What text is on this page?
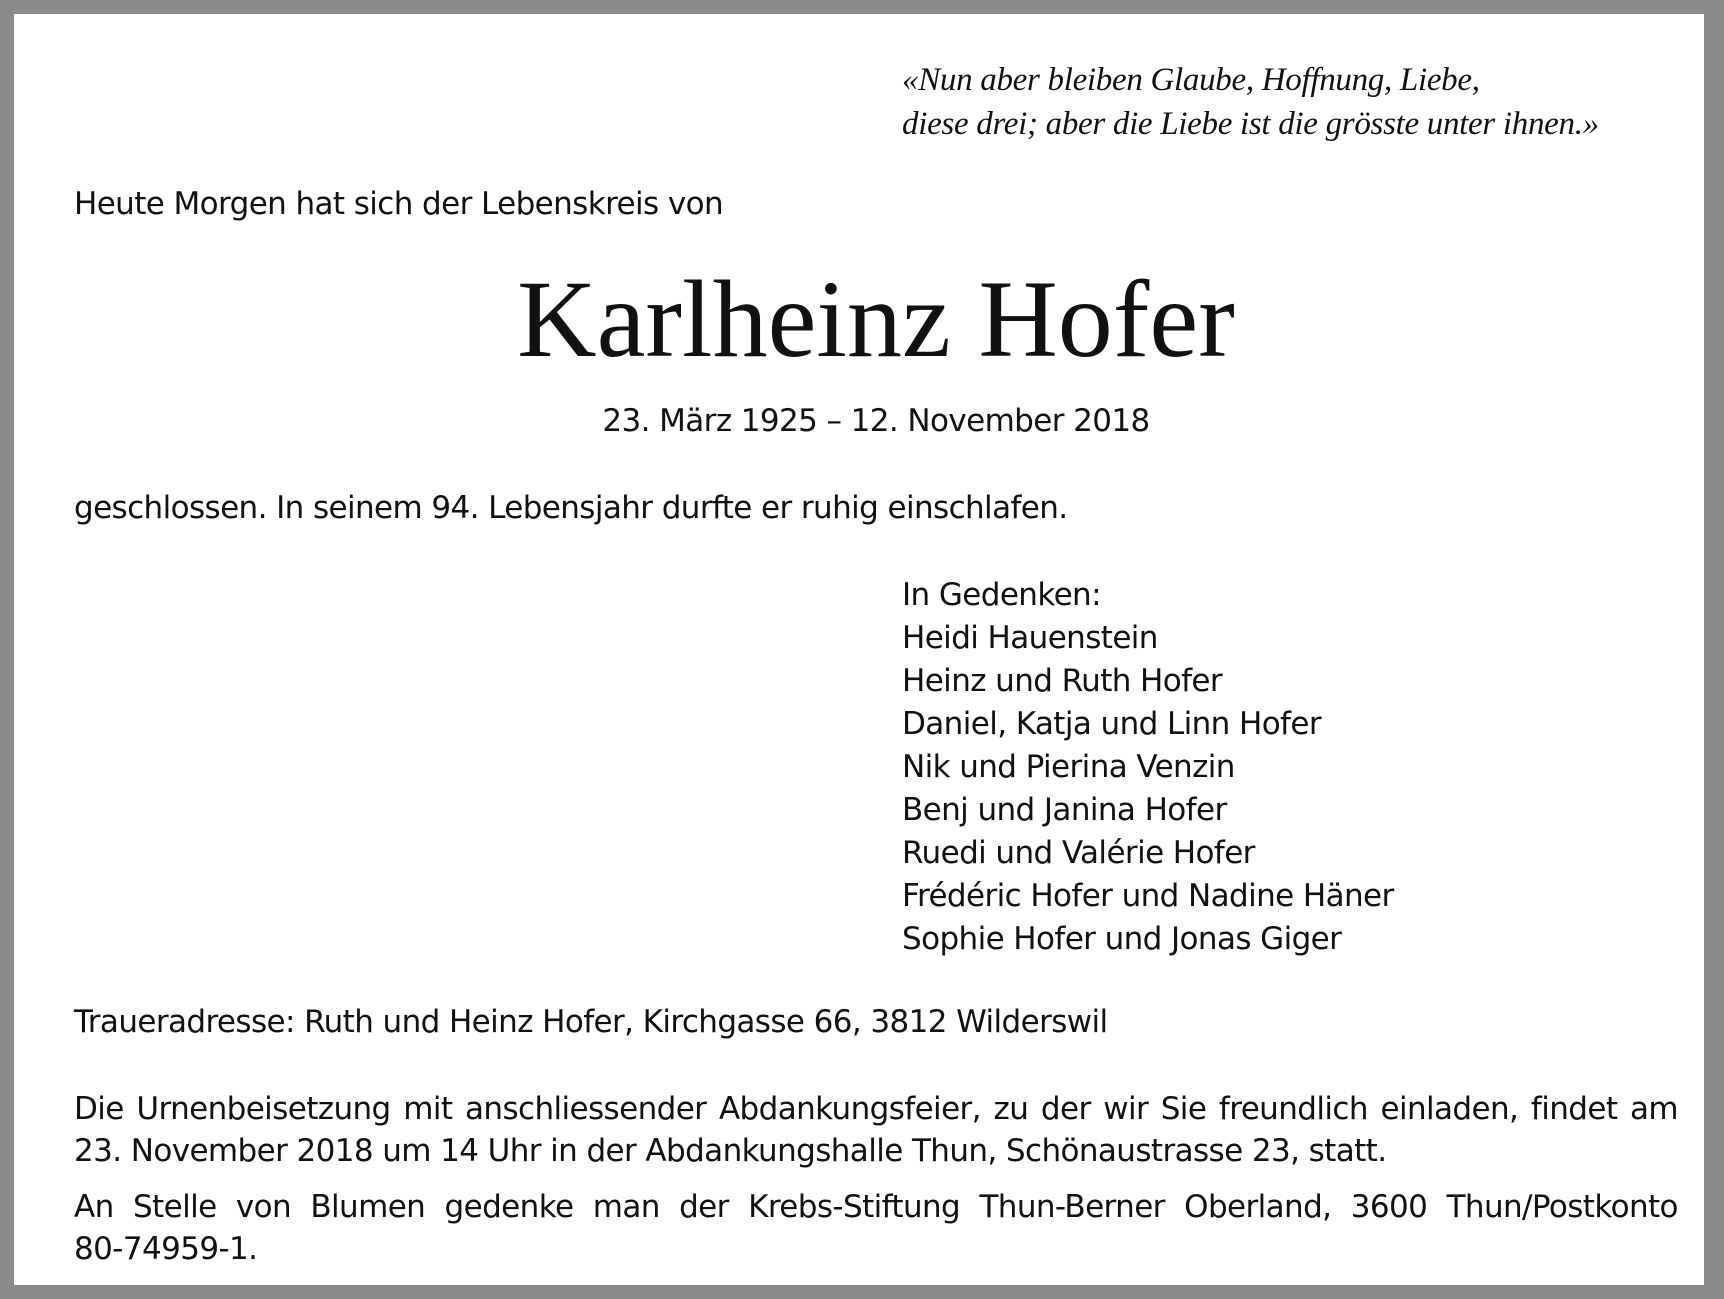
«Nun aber bleiben Glaube, Hoffnung, Liebe,
diese drei; aber die Liebe ist die grösste unter ihnen.»
Heute Morgen hat sich der Lebenskreis von
Karlheinz Hofer
23. März 1925 – 12. November 2018
geschlossen. In seinem 94. Lebensjahr durfte er ruhig einschlafen.
In Gedenken:
Heidi Hauenstein
Heinz und Ruth Hofer
Daniel, Katja und Linn Hofer
Nik und Pierina Venzin
Benj und Janina Hofer
Ruedi und Valérie Hofer
Frédéric Hofer und Nadine Häner
Sophie Hofer und Jonas Giger
Traueradresse: Ruth und Heinz Hofer, Kirchgasse 66, 3812 Wilderswil
Die Urnenbeisetzung mit anschliessender Abdankungsfeier, zu der wir Sie freundlich einladen, findet am
23. November 2018 um 14 Uhr in der Abdankungshalle Thun, Schönaustrasse 23, statt.
An Stelle von Blumen gedenke man der Krebs-Stiftung Thun-Berner Oberland, 3600 Thun/Postkonto
80-74959-1.
